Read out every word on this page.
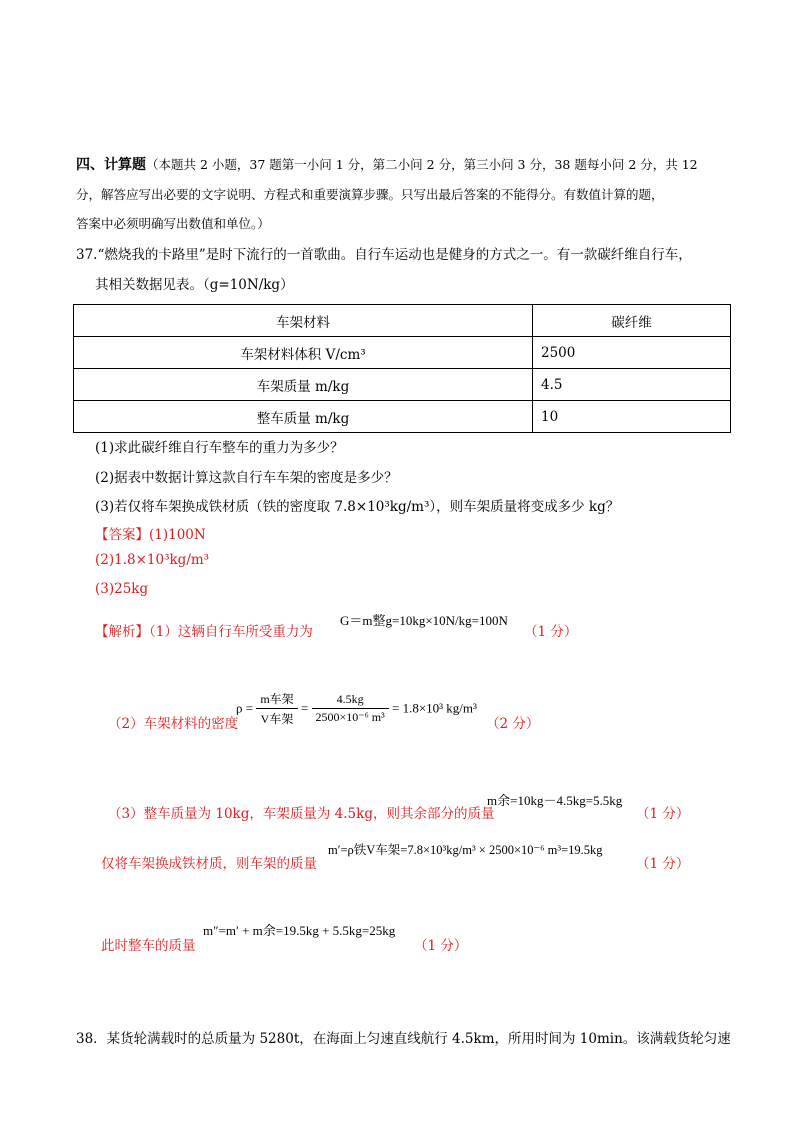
四、计算题（本题共 2 小题，37 题第一小问 1 分，第二小问 2 分，第三小问 3 分，38 题每小问 2 分，共 12
分，解答应写出必要的文字说明、方程式和重要演算步骤。只写出最后答案的不能得分。有数值计算的题，
答案中必须明确写出数值和单位。）
37.“燃烧我的卡路里”是时下流行的一首歌曲。自行车运动也是健身的方式之一。有一款碳纤维自行车，
其相关数据见表。（g=10N/kg）
车架材料	碳纤维
车架材料体积 V/cm³	2500
车架质量 m/kg	4.5
整车质量 m/kg	10
(1)求此碳纤维自行车整车的重力为多少？
(2)据表中数据计算这款自行车车架的密度是多少？
(3)若仅将车架换成铁材质（铁的密度取 7.8×10³kg/m³），则车架质量将变成多少 kg？
【答案】(1)100N
(2)1.8×10³kg/m³
(3)25kg
【解析】（1）这辆自行车所受重力为
G＝m整g=10kg×10N/kg=100N
（1 分）
（2）车架材料的密度
$\rho = \frac{\text{m车架}}{\text{V车架}} = \frac{4.5kg}{\text{2500×10⁻⁶ m³}} = 1.8\times 10^3$ kg/m³
（2 分）
（3）整车质量为 10kg，车架质量为 4.5kg，则其余部分的质量
m余=10kg－4.5kg=5.5kg
（1 分）
仅将车架换成铁材质，则车架的质量
m′=ρ铁V车架=7.8×10³kg/m³ × 2500×10⁻⁶ m³=19.5kg
（1 分）
此时整车的质量
m″=m′ + m余=19.5kg + 5.5kg=25kg
（1 分）
38．某货轮满载时的总质量为 5280t，在海面上匀速直线航行 4.5km，所用时间为 10min。该满载货轮匀速
